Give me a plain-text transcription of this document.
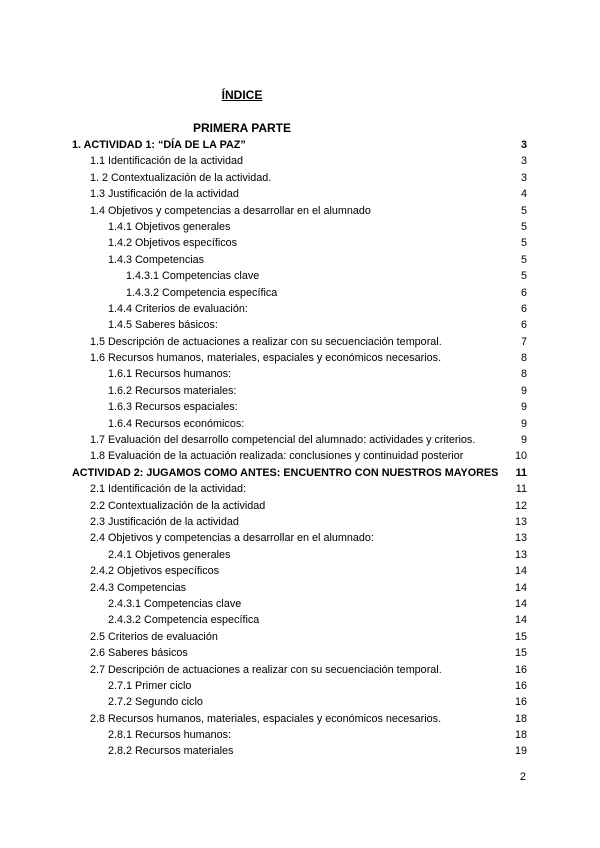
ÍNDICE
PRIMERA PARTE
1. ACTIVIDAD 1: “DÍA DE LA PAZ”	3
1.1 Identificación de la actividad	3
1. 2 Contextualización de la actividad.	3
1.3 Justificación de la actividad	4
1.4 Objetivos y competencias a desarrollar en el alumnado	5
1.4.1 Objetivos generales	5
1.4.2 Objetivos específicos	5
1.4.3 Competencias	5
1.4.3.1 Competencias clave	5
1.4.3.2 Competencia específica	6
1.4.4 Criterios de evaluación:	6
1.4.5 Saberes básicos:	6
1.5 Descripción de actuaciones a realizar con su secuenciación temporal.	7
1.6 Recursos humanos, materiales, espaciales y económicos necesarios.	8
1.6.1 Recursos humanos:	8
1.6.2 Recursos materiales:	9
1.6.3 Recursos espaciales:	9
1.6.4 Recursos económicos:	9
1.7 Evaluación del desarrollo competencial del alumnado: actividades y criterios.	9
1.8 Evaluación de la actuación realizada: conclusiones y continuidad posterior	10
ACTIVIDAD 2: JUGAMOS COMO ANTES: ENCUENTRO CON NUESTROS MAYORES 11
2.1 Identificación de la actividad:	11
2.2 Contextualización de la actividad	12
2.3 Justificación de la actividad	13
2.4 Objetivos y competencias a desarrollar en el alumnado:	13
2.4.1 Objetivos generales	13
2.4.2 Objetivos específicos	14
2.4.3 Competencias	14
2.4.3.1 Competencias clave	14
2.4.3.2 Competencia específica	14
2.5 Criterios de evaluación	15
2.6 Saberes básicos	15
2.7 Descripción de actuaciones a realizar con su secuenciación temporal.	16
2.7.1 Primer ciclo	16
2.7.2 Segundo ciclo	16
2.8 Recursos humanos, materiales, espaciales y económicos necesarios.	18
2.8.1 Recursos humanos:	18
2.8.2 Recursos materiales	19
2
